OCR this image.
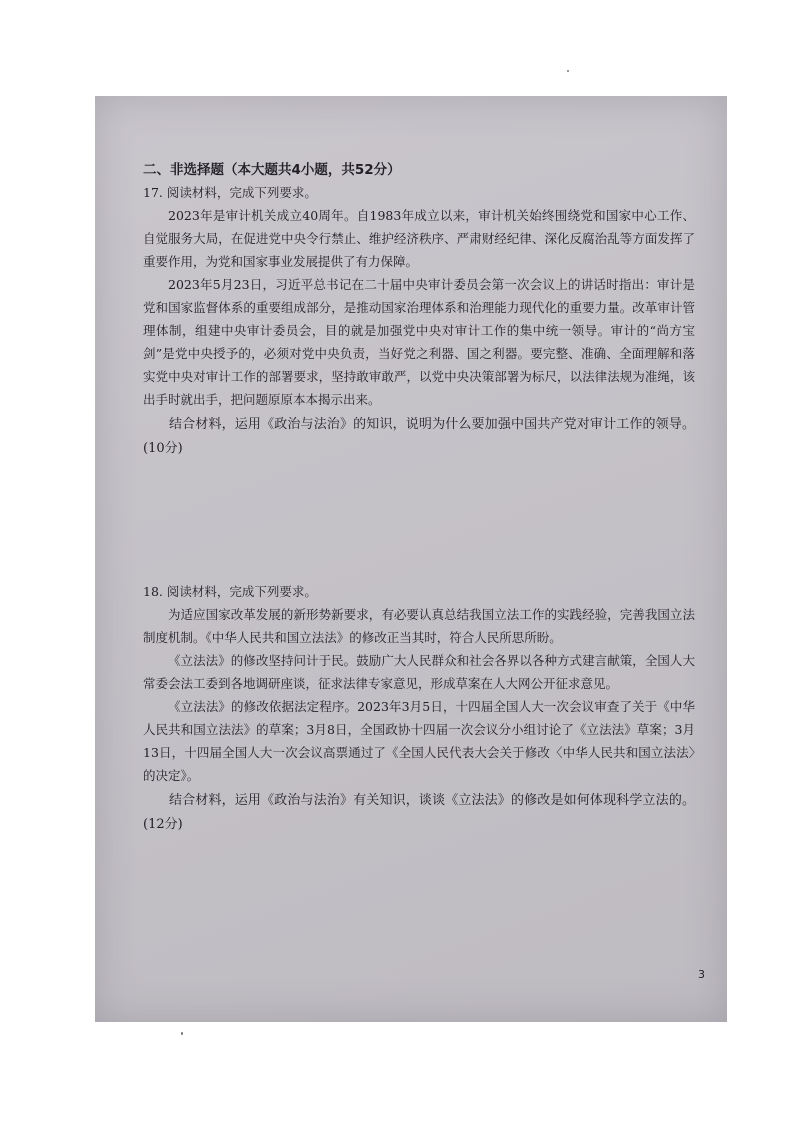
二、非选择题（本大题共4小题，共52分）

17. 阅读材料，完成下列要求。

2023年是审计机关成立40周年。自1983年成立以来，审计机关始终围绕党和国家中心工作、自觉服务大局，在促进党中央令行禁止、维护经济秩序、严肃财经纪律、深化反腐治乱等方面发挥了重要作用，为党和国家事业发展提供了有力保障。

2023年5月23日，习近平总书记在二十届中央审计委员会第一次会议上的讲话时指出：审计是党和国家监督体系的重要组成部分，是推动国家治理体系和治理能力现代化的重要力量。改革审计管理体制，组建中央审计委员会，目的就是加强党中央对审计工作的集中统一领导。审计的“尚方宝剑”是党中央授予的，必须对党中央负责，当好党之利器、国之利器。要完整、准确、全面理解和落实党中央对审计工作的部署要求，坚持敢审敢严，以党中央决策部署为标尺，以法律法规为准绳，该出手时就出手，把问题原原本本揭示出来。

结合材料，运用《政治与法治》的知识，说明为什么要加强中国共产党对审计工作的领导。(10分)

18. 阅读材料，完成下列要求。

为适应国家改革发展的新形势新要求，有必要认真总结我国立法工作的实践经验，完善我国立法制度机制。《中华人民共和国立法法》的修改正当其时，符合人民所思所盼。

《立法法》的修改坚持问计于民。鼓励广大人民群众和社会各界以各种方式建言献策，全国人大常委会法工委到各地调研座谈，征求法律专家意见，形成草案在人大网公开征求意见。

《立法法》的修改依据法定程序。2023年3月5日，十四届全国人大一次会议审查了关于《中华人民共和国立法法》的草案；3月8日，全国政协十四届一次会议分小组讨论了《立法法》草案；3月13日，十四届全国人大一次会议高票通过了《全国人民代表大会关于修改〈中华人民共和国立法法〉的决定》。

结合材料，运用《政治与法治》有关知识，谈谈《立法法》的修改是如何体现科学立法的。(12分)

3
